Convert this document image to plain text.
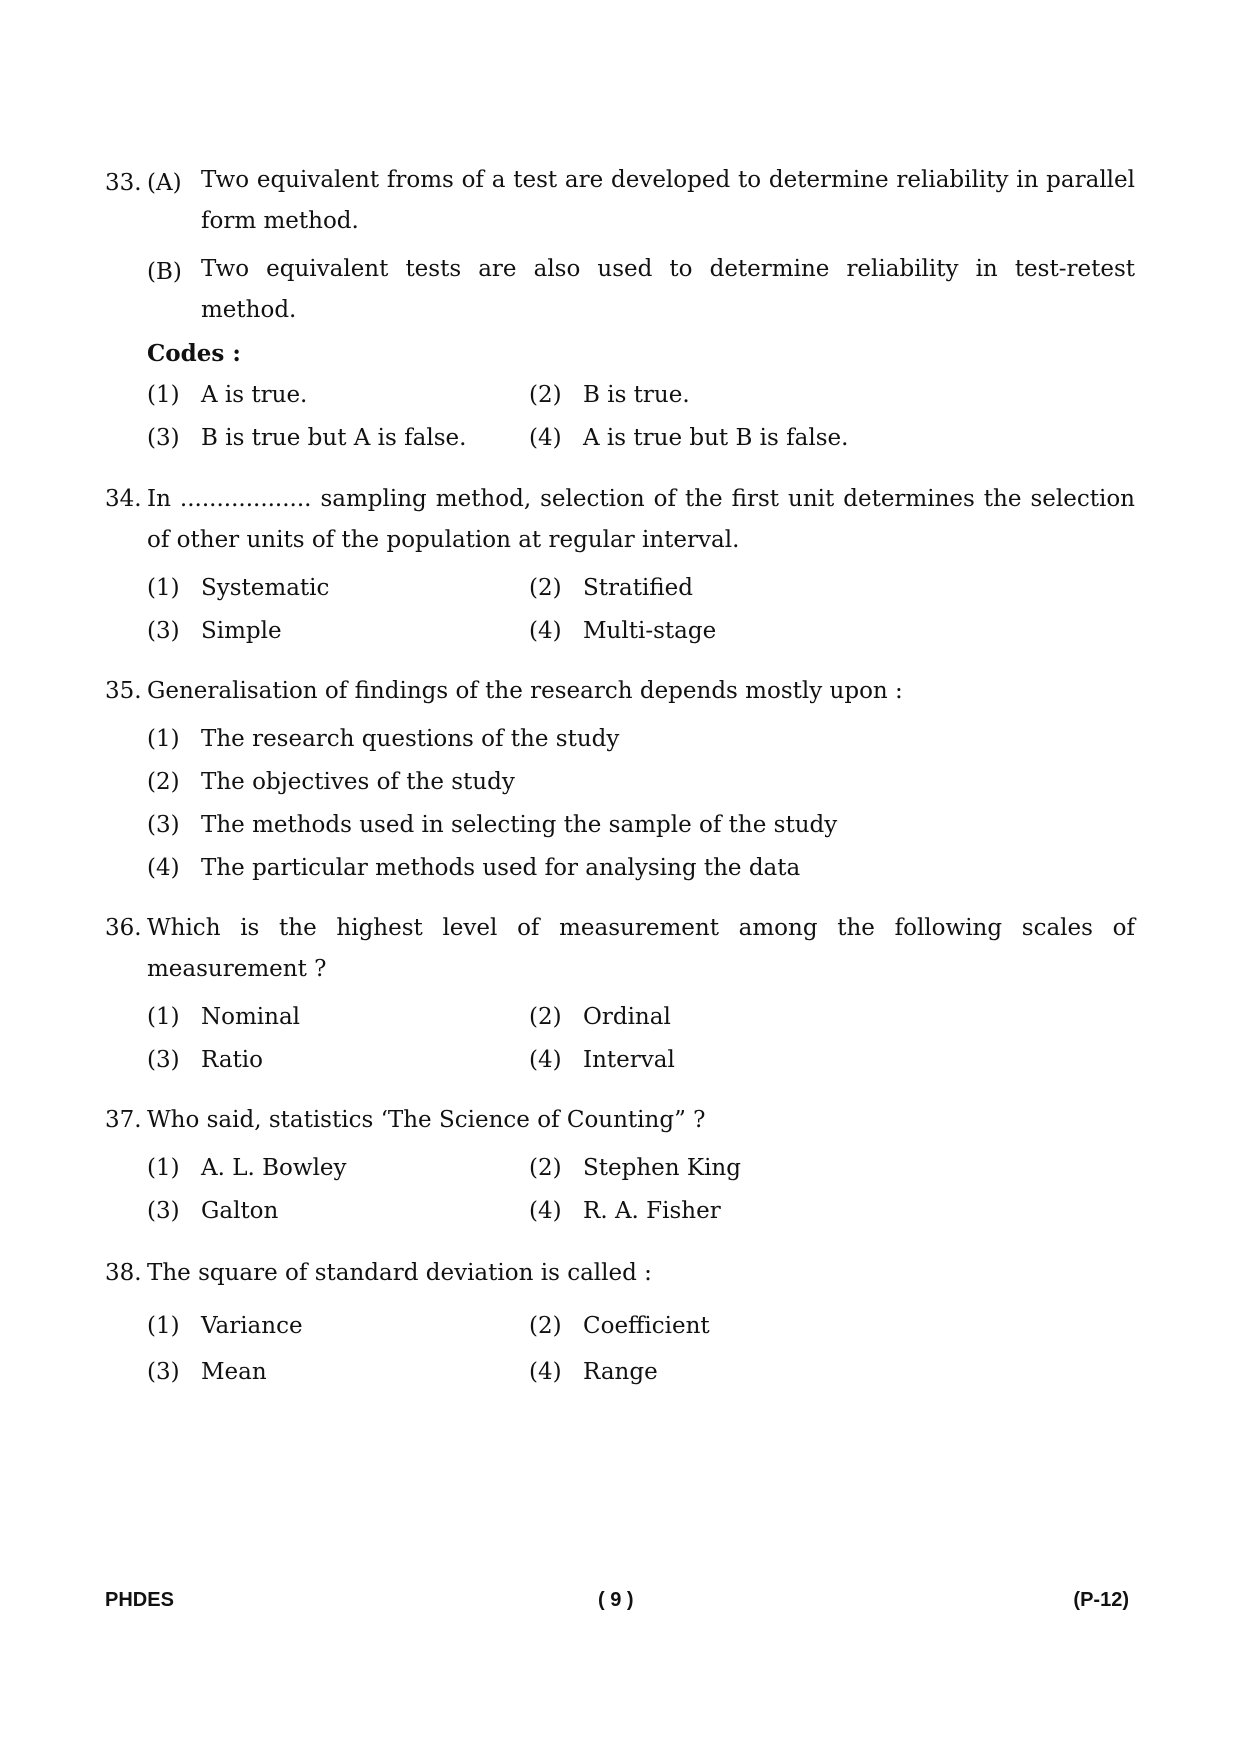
33. (A) Two equivalent froms of a test are developed to determine reliability in parallel form method.
(B) Two equivalent tests are also used to determine reliability in test-retest method.
Codes :
(1) A is true.	(2) B is true.
(3) B is true but A is false.	(4) A is true but B is false.
34. In .................. sampling method, selection of the first unit determines the selection of other units of the population at regular interval.
(1) Systematic	(2) Stratified
(3) Simple	(4) Multi-stage
35. Generalisation of findings of the research depends mostly upon :
(1) The research questions of the study
(2) The objectives of the study
(3) The methods used in selecting the sample of the study
(4) The particular methods used for analysing the data
36. Which is the highest level of measurement among the following scales of measurement ?
(1) Nominal	(2) Ordinal
(3) Ratio	(4) Interval
37. Who said, statistics ‘The Science of Counting” ?
(1) A. L. Bowley	(2) Stephen King
(3) Galton	(4) R. A. Fisher
38. The square of standard deviation is called :
(1) Variance	(2) Coefficient
(3) Mean	(4) Range
PHDES	( 9 )	(P-12)
